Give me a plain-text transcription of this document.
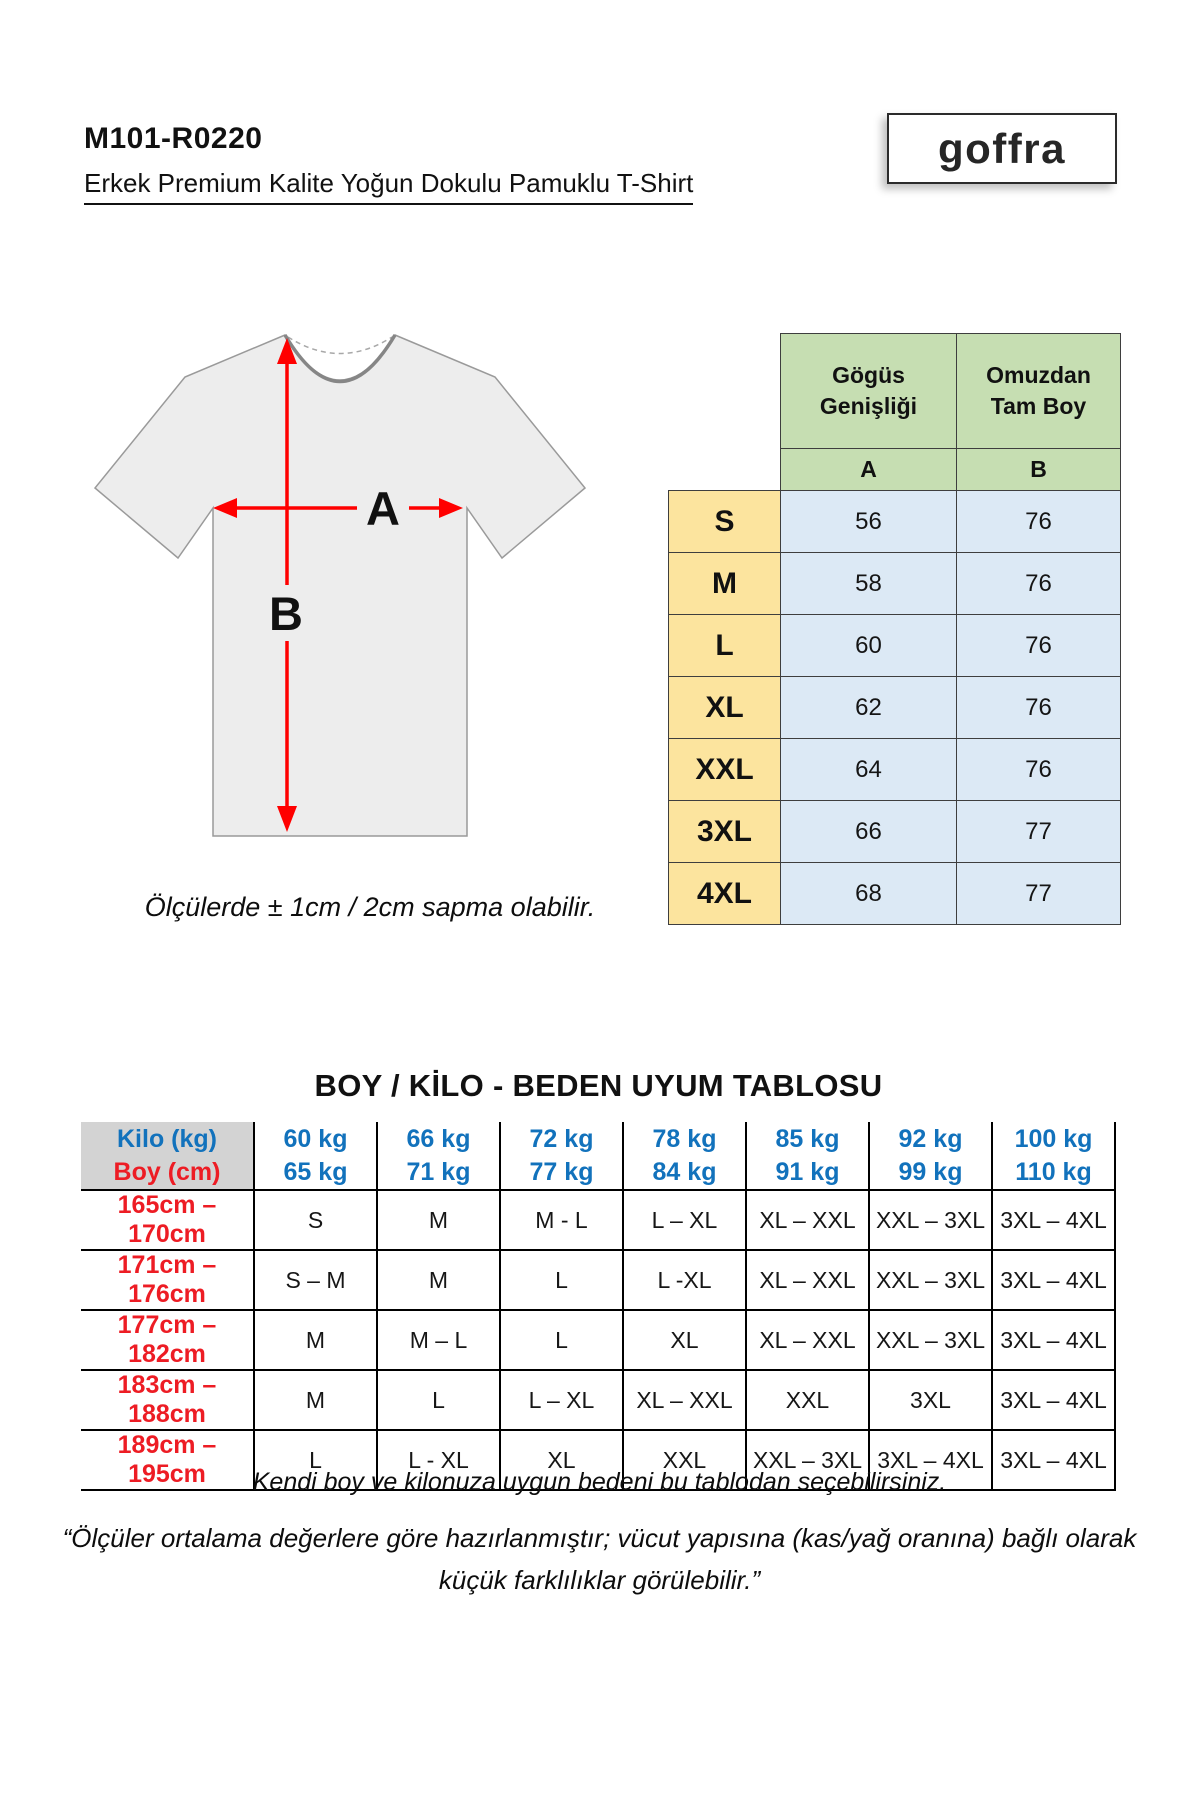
M101-R0220
Erkek Premium Kalite Yoğun Dokulu Pamuklu T-Shirt
goffra
A
B
Ölçülerde ± 1cm / 2cm sapma olabilir.

Gögüs
Genişliği

Omuzdan
Tam Boy

	A	B
S	56	76
M	58	76
L	60	76
XL	62	76
XXL	64	76
3XL	66	77
4XL	68	77
BOY / KİLO - BEDEN UYUM TABLOSU
Kilo (kg)
Boy (cm)

60 kg
65 kg

66 kg
71 kg

72 kg
77 kg

78 kg
84 kg

85 kg
91 kg

92 kg
99 kg

100 kg
110 kg

165cm – 170cm	S	M	M - L	L – XL	XL – XXL	XXL – 3XL	3XL – 4XL
171cm – 176cm	S – M	M	L	L -XL	XL – XXL	XXL – 3XL	3XL – 4XL
177cm – 182cm	M	M – L	L	XL	XL – XXL	XXL – 3XL	3XL – 4XL
183cm – 188cm	M	L	L – XL	XL – XXL	XXL	3XL	3XL – 4XL
189cm – 195cm	L	L - XL	XL	XXL	XXL – 3XL	3XL – 4XL	3XL – 4XL
Kendi boy ve kilonuza uygun bedeni bu tablodan seçebilirsiniz.
“Ölçüler ortalama değerlere göre hazırlanmıştır; vücut yapısına (kas/yağ oranına) bağlı olarak
küçük farklılıklar görülebilir.”
